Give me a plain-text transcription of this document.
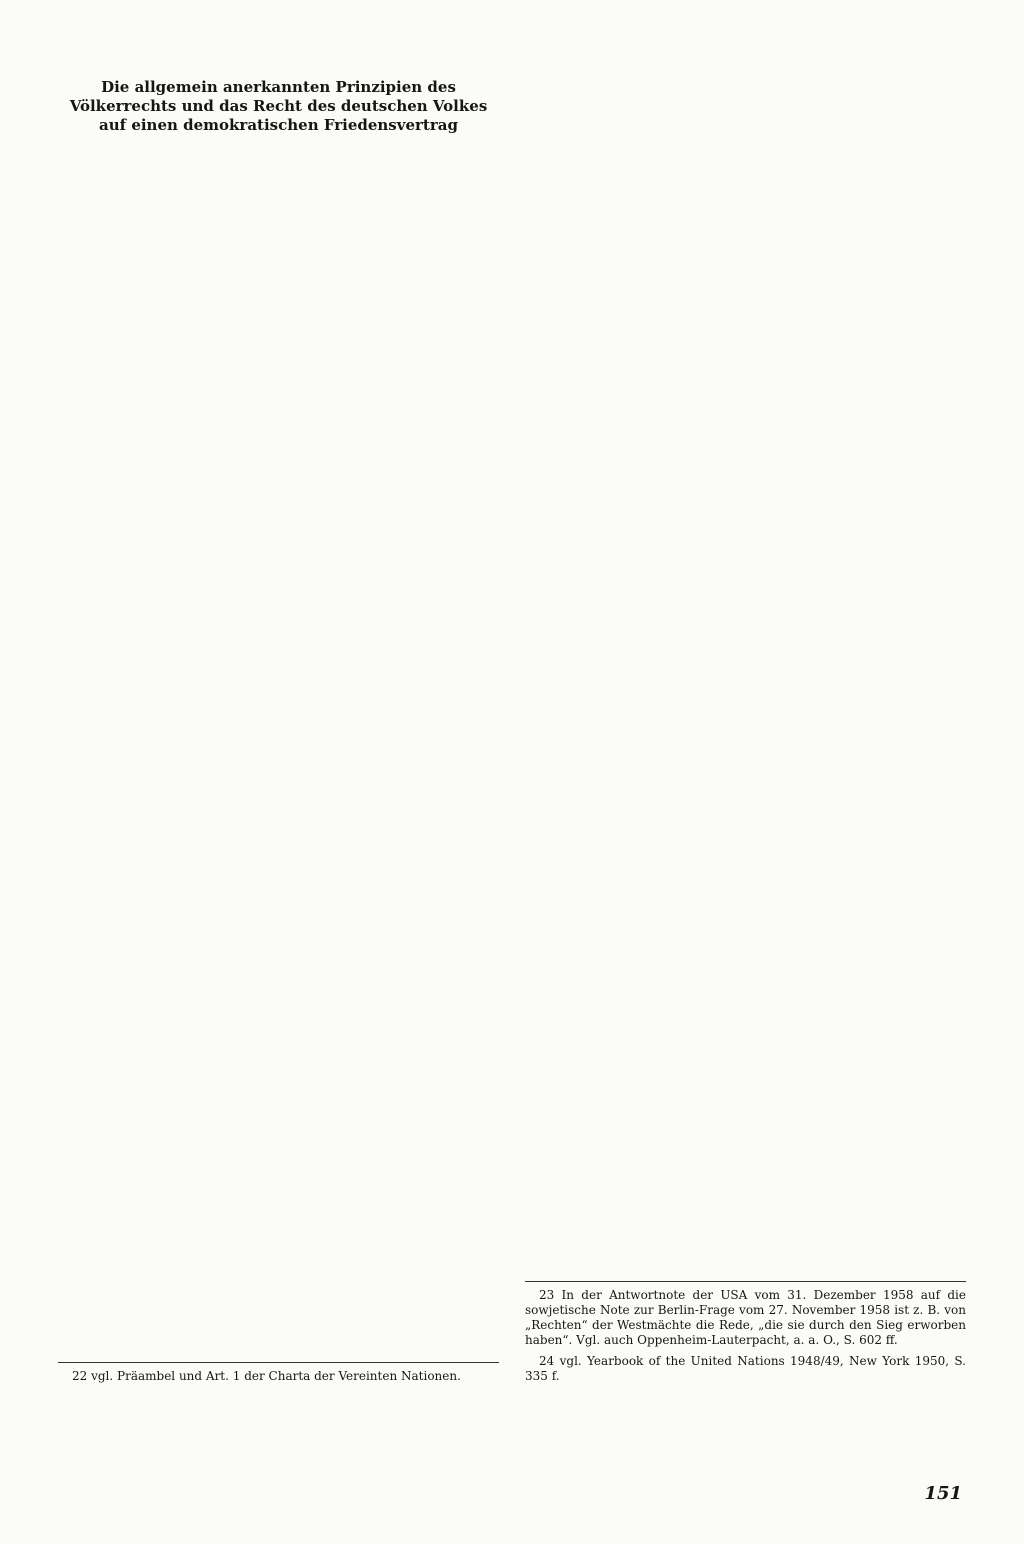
Die allgemein anerkannten Prinzipien des Völkerrechts und das Recht des deutschen Volkes auf einen demokratischen Friedensvertrag

22 vgl. Präambel und Art. 1 der Charta der Vereinten Nationen.

23 In der Antwortnote der USA vom 31. Dezember 1958 auf die sowjetische Note zur Berlin-Frage vom 27. November 1958 ist z. B. von „Rechten“ der Westmächte die Rede, „die sie durch den Sieg erworben haben“. Vgl. auch Oppenheim-Lauterpacht, a. a. O., S. 602 ff.

24 vgl. Yearbook of the United Nations 1948/49, New York 1950, S. 335 f.

151
